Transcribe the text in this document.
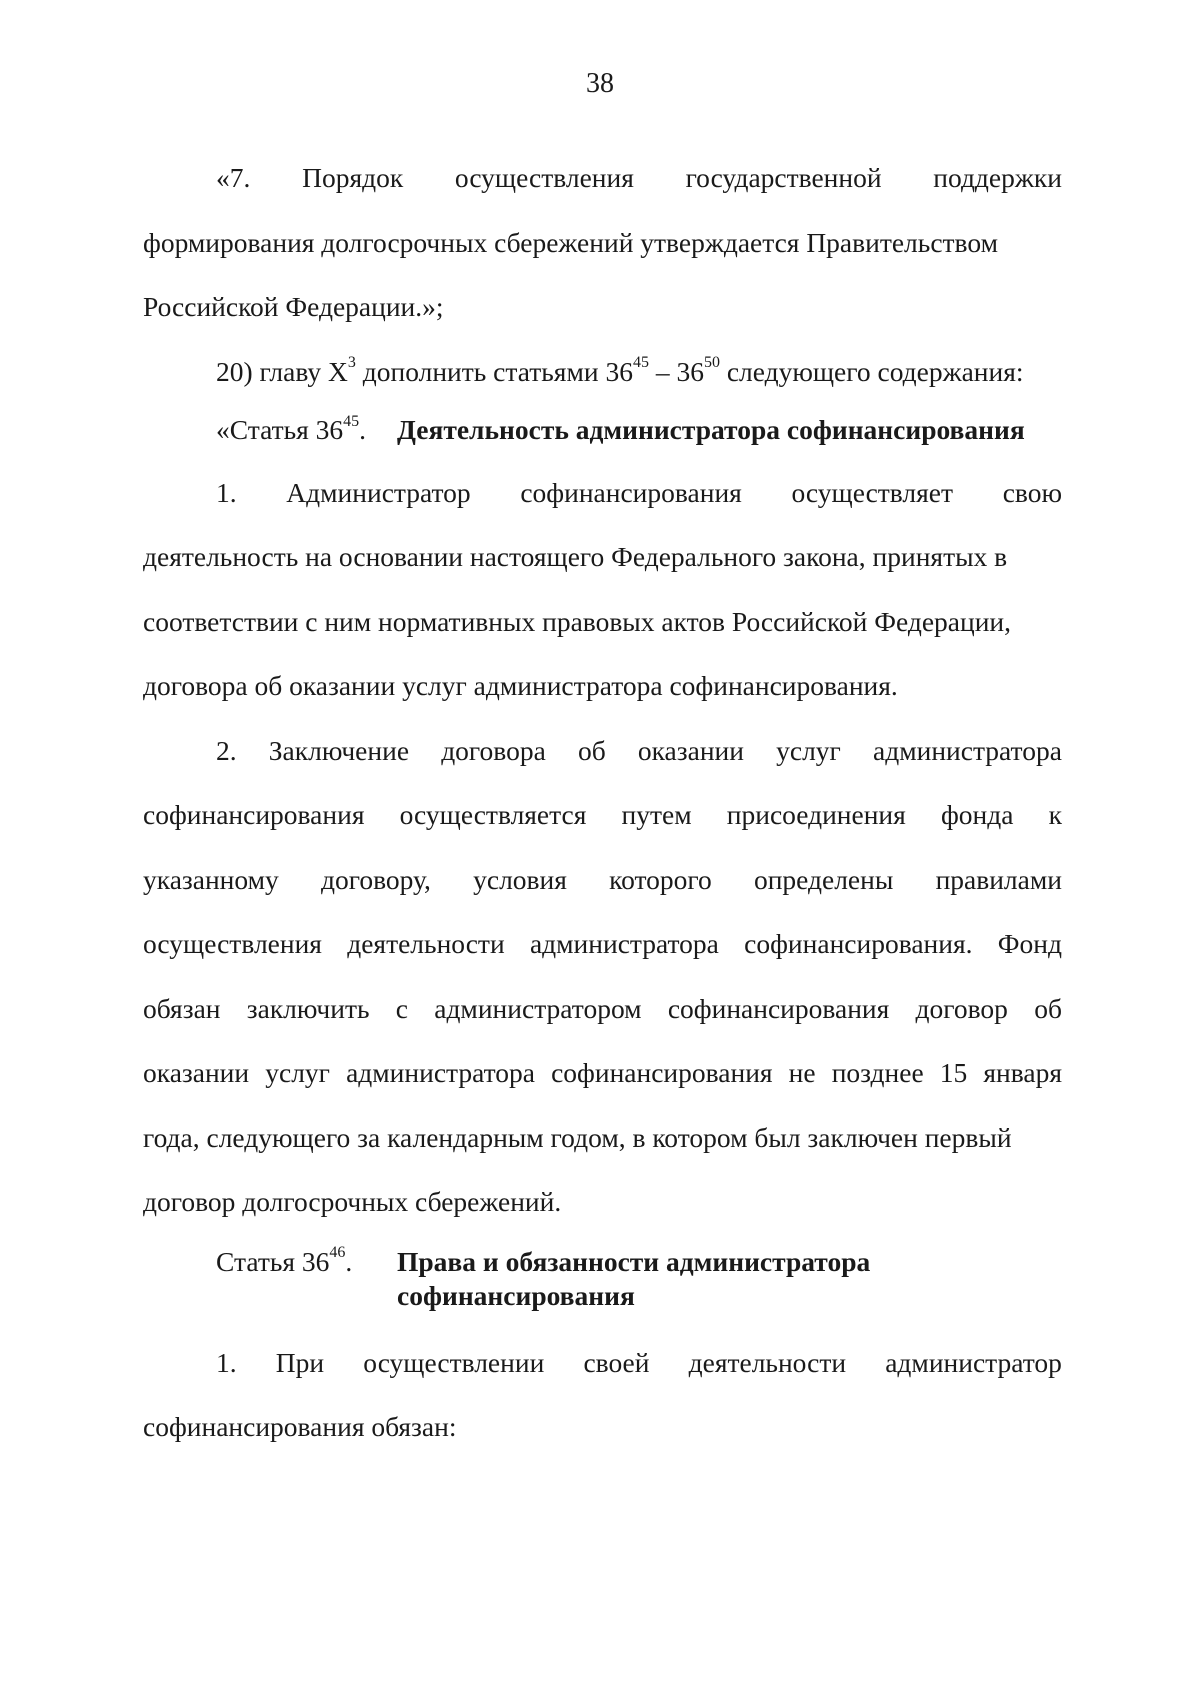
38
«7. Порядок осуществления государственной поддержки
формирования долгосрочных сбережений утверждается Правительством
Российской Федерации.»;
20) главу $X^3$ дополнить статьями $36^{45} - 36^{50}$ следующего содержания:
«Статья $36^{45}$.	Деятельность администратора софинансирования
1. Администратор софинансирования осуществляет свою
деятельность на основании настоящего Федерального закона, принятых в
соответствии с ним нормативных правовых актов Российской Федерации,
договора об оказании услуг администратора софинансирования.
2. Заключение договора об оказании услуг администратора
софинансирования осуществляется путем присоединения фонда к
указанному договору, условия которого определены правилами
осуществления деятельности администратора софинансирования. Фонд
обязан заключить с администратором софинансирования договор об
оказании услуг администратора софинансирования не позднее 15 января
года, следующего за календарным годом, в котором был заключен первый
договор долгосрочных сбережений.
Статья $36^{46}$.	Права и обязанности администратора софинансирования
1. При осуществлении своей деятельности администратор
софинансирования обязан:
